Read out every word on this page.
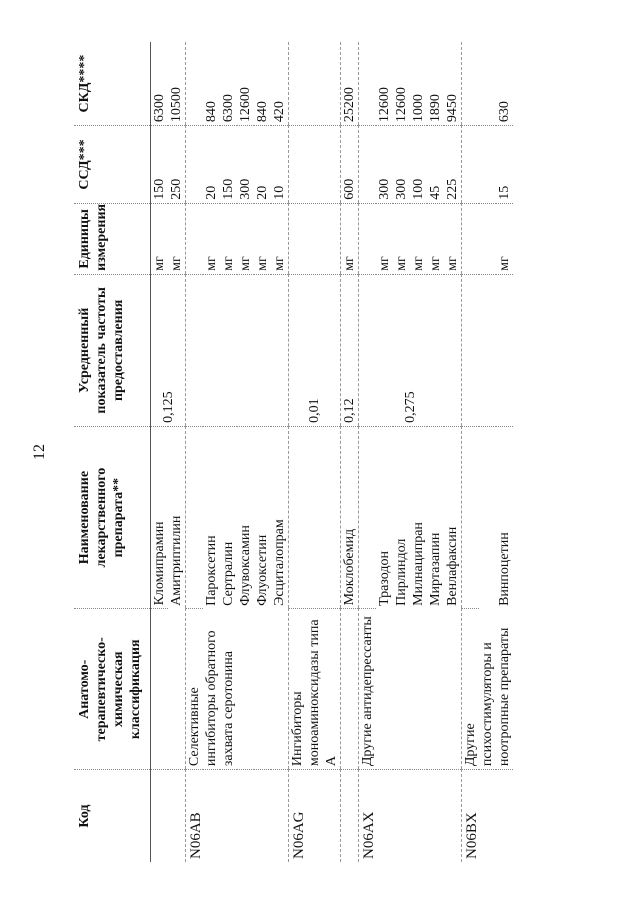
12
Код	Анатомо-терапевтическо-химическая классификация	Наименование лекарственного препарата**	Усредненный показатель частоты предоставления	Единицы измерения	ССД***	СКД****
		Кломипрамин	0,125	мг	150	6300
		Амитриптилин		мг	250	10500
N06AB	Селективные ингибиторы обратного захвата серотонина					
		Пароксетин		мг	20	840
		Сертралин		мг	150	6300
		Флувоксамин		мг	300	12600
		Флуоксетин		мг	20	840
		Эсциталопрам		мг	10	420
N06AG	Ингибиторы моноаминоксидазы типа А		0,01			
		Моклобемид	0,12	мг	600	25200
N06AX	Другие антидепрессанты		0,275			
		Тразодон		мг	300	12600
		Пирлиндол		мг	300	12600
		Милнаципран		мг	100	1000
		Миртазапин		мг	45	1890
		Венлафаксин		мг	225	9450
N06BX	Другие психостимуляторы и ноотропные препараты					

		Винпоцетин		мг	15	630
